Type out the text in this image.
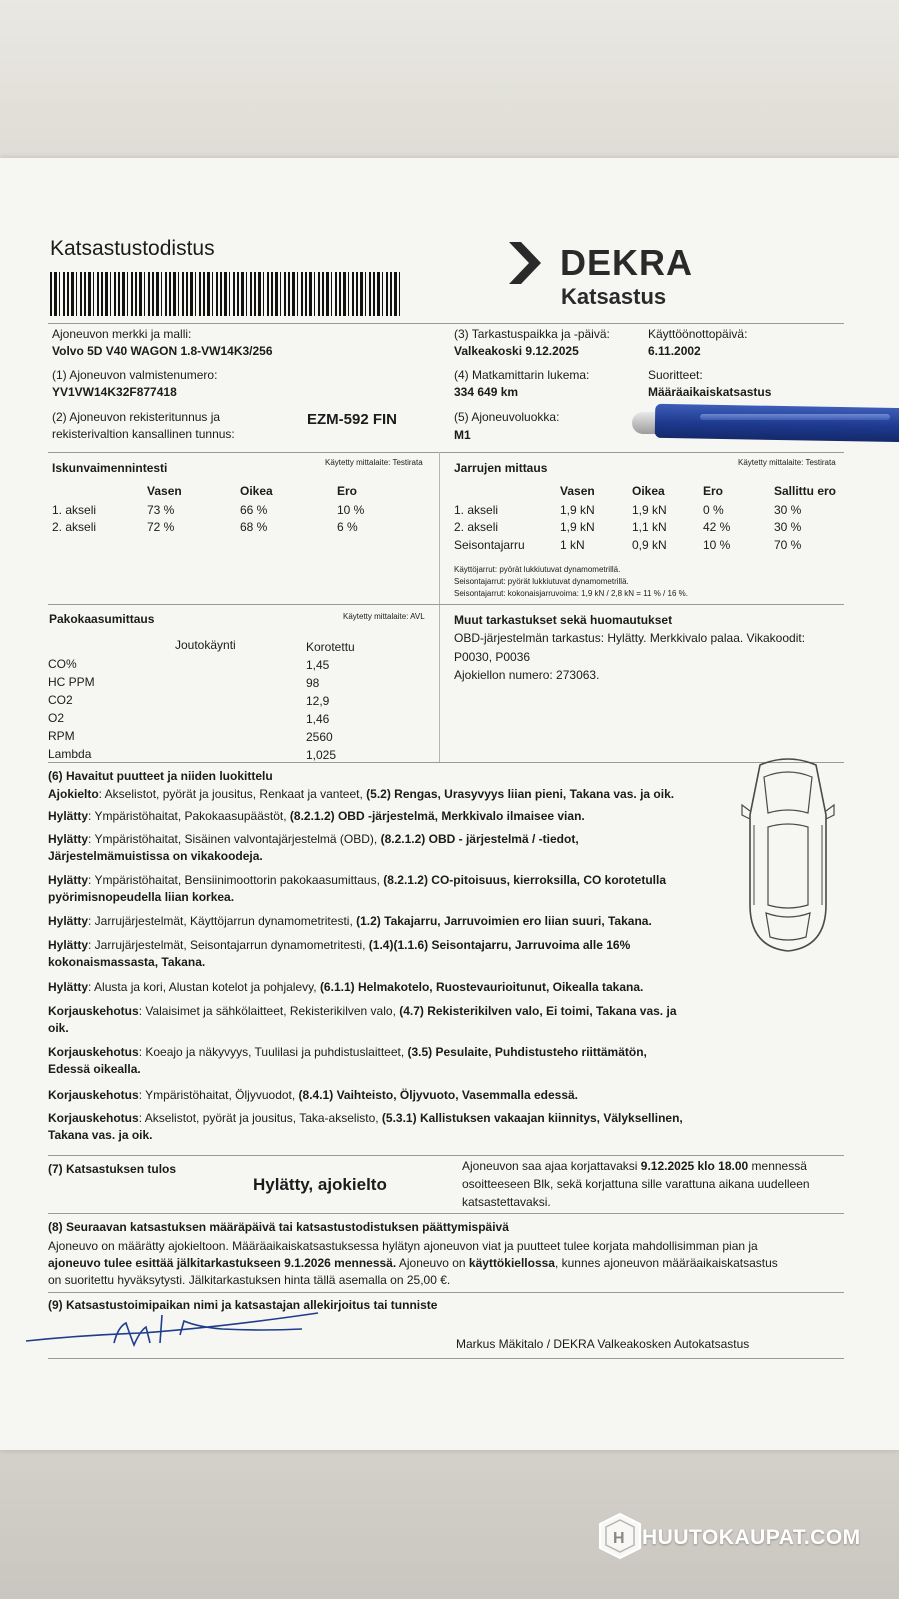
Katsastustodistus	DEKRA
Katsastus
Ajoneuvon merkki ja malli:
Volvo 5D V40 WAGON 1.8-VW14K3/256
(1) Ajoneuvon valmistenumero:
YV1VW14K32F877418
(2) Ajoneuvon rekisteritunnus ja
rekisterivaltion kansallinen tunnus:
EZM-592 FIN
(3) Tarkastuspaikka ja -päivä:
Valkeakoski 9.12.2025
Käyttöönottopäivä:
6.11.2002
(4) Matkamittarin lukema:
334 649 km
Suoritteet:
Määräaikaiskatsastus
(5) Ajoneuvoluokka:
M1
Iskunvaimennintesti	Käytetty mittalaite: Testirata
Vasen	Oikea	Ero
1. akseli	73 %	66 %	10 %
2. akseli	72 %	68 %	6 %
Jarrujen mittaus	Käytetty mittalaite: Testirata
Vasen	Oikea	Ero	Sallittu ero
1. akseli	1,9 kN	1,9 kN	0 %	30 %
2. akseli	1,9 kN	1,1 kN	42 %	30 %
Seisontajarru	1 kN	0,9 kN	10 %	70 %
Käyttöjarrut: pyörät lukkiutuvat dynamometrillä.
Seisontajarrut: pyörät lukkiutuvat dynamometrillä.
Seisontajarrut: kokonaisjarruvoima: 1,9 kN / 2,8 kN = 11 % / 16 %.
Pakokaasumittaus	Käytetty mittalaite: AVL
Joutokäynti	Korotettu
CO%	1,45
HC PPM	98
CO2	12,9
O2	1,46
RPM	2560
Lambda	1,025
Muut tarkastukset sekä huomautukset
OBD-järjestelmän tarkastus: Hylätty. Merkkivalo palaa. Vikakoodit:
P0030, P0036
Ajokiellon numero: 273063.
(6) Havaitut puutteet ja niiden luokittelu
Ajokielto: Akselistot, pyörät ja jousitus, Renkaat ja vanteet, (5.2) Rengas, Urasyvyys liian pieni, Takana vas. ja oik.

Hylätty: Ympäristöhaitat, Pakokaasupäästöt, (8.2.1.2) OBD -järjestelmä, Merkkivalo ilmaisee vian.

Hylätty: Ympäristöhaitat, Sisäinen valvontajärjestelmä (OBD), (8.2.1.2) OBD - järjestelmä / -tiedot,
Järjestelmämuistissa on vikakoodeja.
Hylätty: Ympäristöhaitat, Bensiinimoottorin pakokaasumittaus, (8.2.1.2) CO-pitoisuus, kierroksilla, CO korotetulla
pyörimisnopeudella liian korkea.
Hylätty: Jarrujärjestelmät, Käyttöjarrun dynamometritesti, (1.2) Takajarru, Jarruvoimien ero liian suuri, Takana.

Hylätty: Jarrujärjestelmät, Seisontajarrun dynamometritesti, (1.4)(1.1.6) Seisontajarru, Jarruvoima alle 16%
kokonaismassasta, Takana.
Hylätty: Alusta ja kori, Alustan kotelot ja pohjalevy, (6.1.1) Helmakotelo, Ruostevaurioitunut, Oikealla takana.

Korjauskehotus: Valaisimet ja sähkölaitteet, Rekisterikilven valo, (4.7) Rekisterikilven valo, Ei toimi, Takana vas. ja
oik.
Korjauskehotus: Koeajo ja näkyvyys, Tuulilasi ja puhdistuslaitteet, (3.5) Pesulaite, Puhdistusteho riittämätön,
Edessä oikealla.
Korjauskehotus: Ympäristöhaitat, Öljyvuodot, (8.4.1) Vaihteisto, Öljyvuoto, Vasemmalla edessä.

Korjauskehotus: Akselistot, pyörät ja jousitus, Taka-akselisto, (5.3.1) Kallistuksen vakaajan kiinnitys, Välyksellinen,
Takana vas. ja oik.
(7) Katsastuksen tulos
Hylätty, ajokielto
Ajoneuvon saa ajaa korjattavaksi 9.12.2025 klo 18.00 mennessä
osoitteeseen Blk, sekä korjattuna sille varattuna aikana uudelleen
katsastettavaksi.
(8) Seuraavan katsastuksen määräpäivä tai katsastustodistuksen päättymispäivä
Ajoneuvo on määrätty ajokieltoon. Määräaikaiskatsastuksessa hylätyn ajoneuvon viat ja puutteet tulee korjata mahdollisimman pian ja
ajoneuvo tulee esittää jälkitarkastukseen 9.1.2026 mennessä. Ajoneuvo on käyttökiellossa, kunnes ajoneuvon määräaikaiskatsastus
on suoritettu hyväksytysti. Jälkitarkastuksen hinta tällä asemalla on 25,00 €.
(9) Katsastustoimipaikan nimi ja katsastajan allekirjoitus tai tunniste
Markus Mäkitalo / DEKRA Valkeakosken Autokatsastus
H HUUTOKAUPAT.COM
